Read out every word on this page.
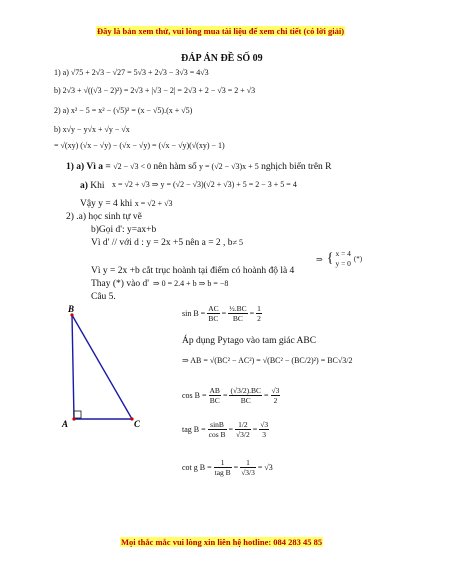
Đây là bản xem thử, vui lòng mua tài liệu để xem chi tiết (có lời giải)
ĐÁP ÁN ĐỀ SỐ 09
1) a) √75 + 2√3 − √27 = 5√3 + 2√3 − 3√3 = 4√3
b) 2√3 + √((√3 − 2)²) = 2√3 + |√3 − 2| = 2√3 + 2 − √3 = 2 + √3
2) a) x² − 5 = x² − (√5)² = (x − √5).(x + √5)
b) x√y − y√x + √y − √x
= √(xy) (√x − √y) − (√x − √y) = (√x − √y)(√(xy) − 1)
1) a) Vì a = √2 − √3 < 0 nên hàm số y = (√2 − √3)x + 5 nghịch biến trên R
a) Khi x = √2 + √3 ⇒ y = (√2 − √3)(√2 + √3) + 5 = 2 − 3 + 5 = 4
Vậy y = 4 khi x = √2 + √3
2) .a) học sinh tự vẽ
b)Gọi d': y=ax+b
Vì d' // với d : y = 2x +5 nên a = 2 , b≠ 5
⇒ { x = 4
y = 0 (*)
Vì y = 2x +b cắt trục hoành tại điểm có hoành độ là 4
Thay (*) vào d' ⇒ 0 = 2.4 + b ⇒ b = −8
Câu 5.
B
A	C
$\sin B = \frac{AC}{BC} = \frac{\text{½.BC}}{BC} = \frac{1}{2}$
Áp dụng Pytago vào tam giác ABC
⇒ AB = √(BC² − AC²) = √(BC² − (BC/2)²) = BC√3/2
$\cos B = \frac{AB}{BC} = \frac{(√3/2).BC}{BC} = \frac{√3}{2}$
tag $B = \frac{\sin B}{\text{cos B}} = \frac{1/2}{√3/2} = \frac{√3}{3}$
cot g $B = \frac{1}{\text{tag B}} = \frac{1}{√3/3} = √3$
Mọi thắc mắc vui lòng xin liên hệ hotline: 084 283 45 85
